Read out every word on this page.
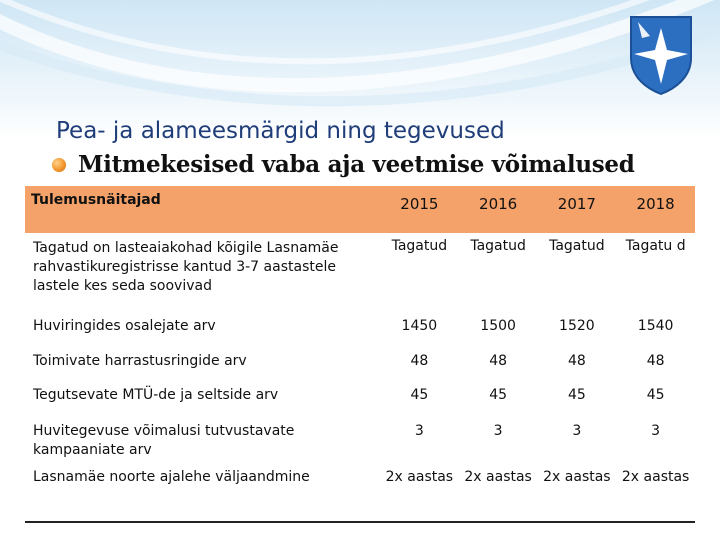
Pea- ja alameesmärgid ning tegevused
Mitmekesised vaba aja veetmise võimalused
Tulemusnäitajad	2015	2016	2017	2018
Tagatud on lasteaiakohad kõigile Lasnamäe rahvastikuregistrisse kantud 3-7 aastastele lastele kes seda soovivad	Tagatud	Tagatud	Tagatud	Tagatu d
Huviringides osalejate arv	1450	1500	1520	1540
Toimivate harrastusringide arv	48	48	48	48
Tegutsevate MTÜ-de ja seltside arv	45	45	45	45
Huvitegevuse võimalusi tutvustavate kampaaniate arv	3	3	3	3
Lasnamäe noorte ajalehe väljaandmine	2x aastas	2x aastas	2x aastas	2x aastas
